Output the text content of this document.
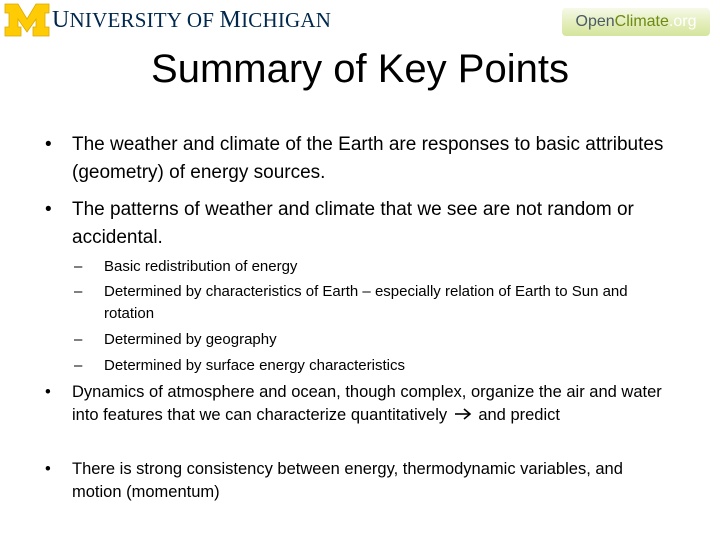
UNIVERSITY OF MICHIGAN	Open Climate . org
Summary of Key Points
• The weather and climate of the Earth are responses to basic attributes (geometry) of energy sources.
• The patterns of weather and climate that we see are not random or accidental.
– Basic redistribution of energy
– Determined by characteristics of Earth – especially relation of Earth to Sun and rotation
– Determined by geography
– Determined by surface energy characteristics
• Dynamics of atmosphere and ocean, though complex, organize the air and water into features that we can characterize quantitatively and predict
• There is strong consistency between energy, thermodynamic variables, and motion (momentum)
